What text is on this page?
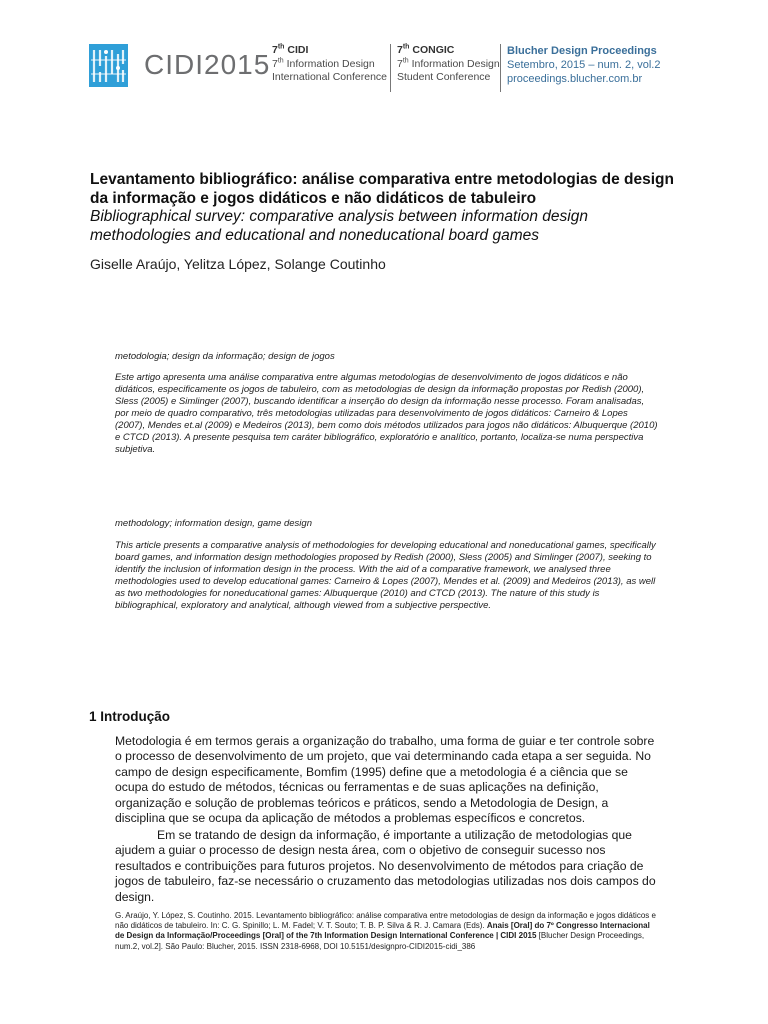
CIDI2015 7th CIDI
7th Information Design
International Conference
7th CONGIC
7th Information Design
Student Conference
Blucher Design Proceedings
Setembro, 2015 – num. 2, vol.2
proceedings.blucher.com.br
Levantamento bibliográfico: análise comparativa entre metodologias de design da informação e jogos didáticos e não didáticos de tabuleiro
Bibliographical survey: comparative analysis between information design methodologies and educational and noneducational board games
Giselle Araújo, Yelitza López, Solange Coutinho
metodologia; design da informação; design de jogos
Este artigo apresenta uma análise comparativa entre algumas metodologias de desenvolvimento de jogos didáticos e não didáticos, especificamente os jogos de tabuleiro, com as metodologias de design da informação propostas por Redish (2000), Sless (2005) e Simlinger (2007), buscando identificar a inserção do design da informação nesse processo. Foram analisadas, por meio de quadro comparativo, três metodologias utilizadas para desenvolvimento de jogos didáticos: Carneiro & Lopes (2007), Mendes et.al (2009) e Medeiros (2013), bem como dois métodos utilizados para jogos não didáticos: Albuquerque (2010) e CTCD (2013). A presente pesquisa tem caráter bibliográfico, exploratório e analítico, portanto, localiza-se numa perspectiva subjetiva.
methodology; information design, game design
This article presents a comparative analysis of methodologies for developing educational and noneducational games, specifically board games, and information design methodologies proposed by Redish (2000), Sless (2005) and Simlinger (2007), seeking to identify the inclusion of information design in the process. With the aid of a comparative framework, we analysed three methodologies used to develop educational games: Carneiro & Lopes (2007), Mendes et al. (2009) and Medeiros (2013), as well as two methodologies for noneducational games: Albuquerque (2010) and CTCD (2013). The nature of this study is bibliographical, exploratory and analytical, although viewed from a subjective perspective.
1 Introdução
Metodologia é em termos gerais a organização do trabalho, uma forma de guiar e ter controle sobre o processo de desenvolvimento de um projeto, que vai determinando cada etapa a ser seguida. No campo de design especificamente, Bomfim (1995) define que a metodologia é a ciência que se ocupa do estudo de métodos, técnicas ou ferramentas e de suas aplicações na definição, organização e solução de problemas teóricos e práticos, sendo a Metodologia de Design, a disciplina que se ocupa da aplicação de métodos a problemas específicos e concretos.
Em se tratando de design da informação, é importante a utilização de metodologias que ajudem a guiar o processo de design nesta área, com o objetivo de conseguir sucesso nos resultados e contribuições para futuros projetos. No desenvolvimento de métodos para criação de jogos de tabuleiro, faz-se necessário o cruzamento das metodologias utilizadas nos dois campos do design.
G. Araújo, Y. López, S. Coutinho. 2015. Levantamento bibliográfico: análise comparativa entre metodologias de design da informação e jogos didáticos e não didáticos de tabuleiro. In: C. G. Spinillo; L. M. Fadel; V. T. Souto; T. B. P. Silva & R. J. Camara (Eds). Anais [Oral] do 7º Congresso Internacional de Design da Informação/Proceedings [Oral] of the 7th Information Design International Conference | CIDI 2015 [Blucher Design Proceedings, num.2, vol.2]. São Paulo: Blucher, 2015. ISSN 2318-6968, DOI 10.5151/designpro-CIDI2015-cidi_386
